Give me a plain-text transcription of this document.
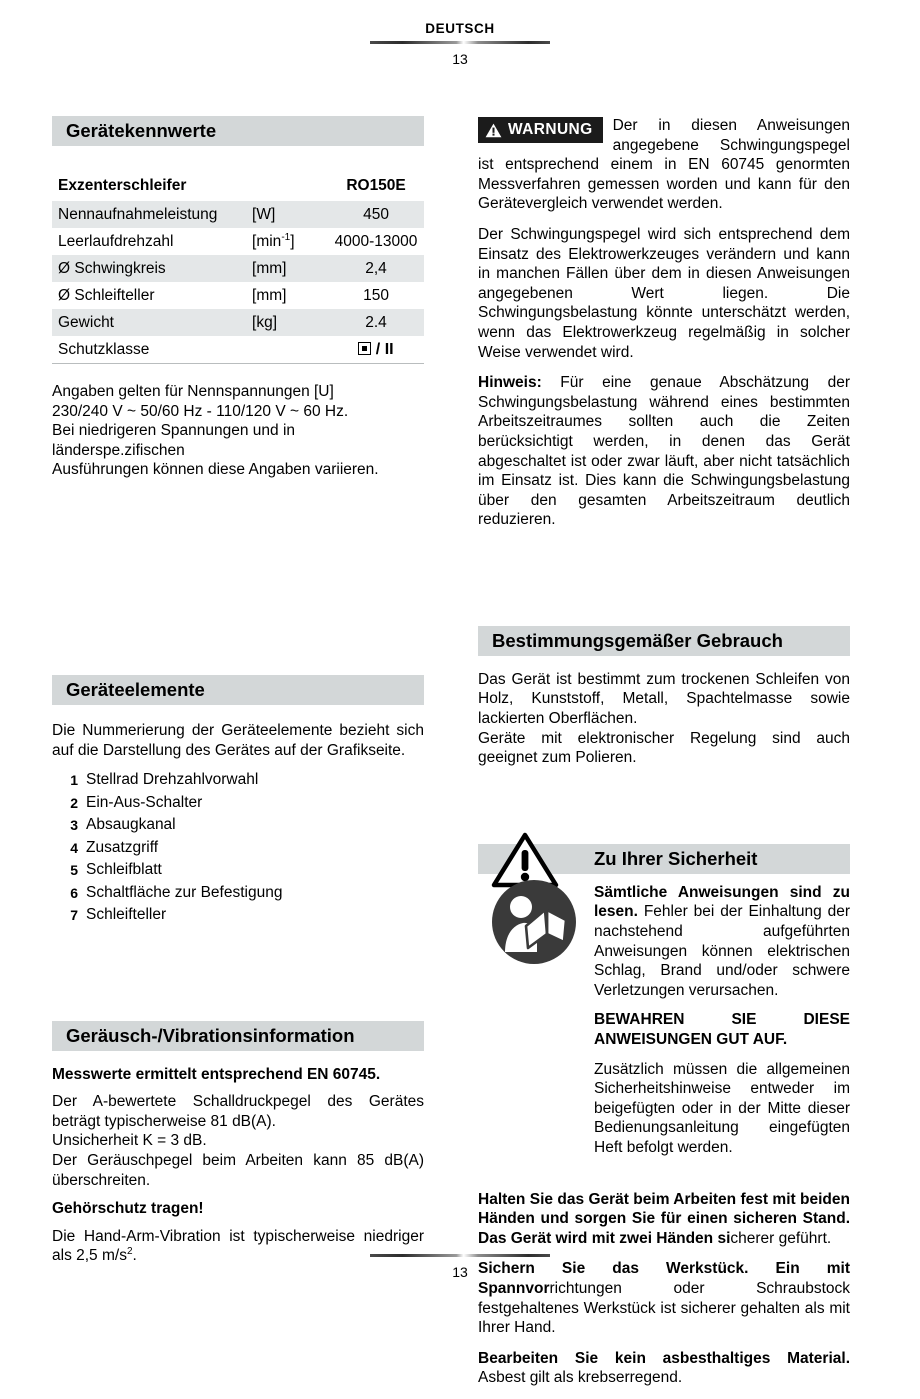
DEUTSCH
13
Gerätekennwerte
Exzenterschleifer		RO150E
Nennaufnahmeleistung	[W]	450
Leerlaufdrehzahl	$[\min^{-1}]$	4000-13000
Ø Schwingkreis	[mm]	2,4
Ø Schleifteller	[mm]	150
Gewicht	[kg]	2.4
Schutzklasse		/ II
Angaben gelten für Nennspannungen [U]
230/240 V ~ 50/60 Hz - 110/120 V ~ 60 Hz.
Bei niedrigeren Spannungen und in länderspe.zifischen
Ausführungen können diese Angaben variieren.
Geräteelemente

Die Nummerierung der Geräteelemente bezieht sich auf die Darstellung des Gerätes auf der Grafikseite.

1 Stellrad Drehzahlvorwahl
2 Ein-Aus-Schalter
3 Absaugkanal
4 Zusatzgriff
5 Schleifblatt
6 Schaltfläche zur Befestigung
7 Schleifteller
Geräusch-/Vibrationsinformation

Messwerte ermittelt entsprechend EN 60745.

Der A-bewertete Schalldruckpegel des Gerätes beträgt typischerweise 81 dB(A).

Unsicherheit K = 3 dB.

Der Geräuschpegel beim Arbeiten kann 85 dB(A) überschreiten.

Gehörschutz tragen!

Die Hand-Arm-Vibration ist typischerweise niedriger als 2,5 $m/s^2$.

WARNUNG	Der in diesen Anweisungen angegebene Schwingungspegel ist entsprechend einem in EN 60745 genormten Messverfahren gemessen worden und kann für den Gerätevergleich verwendet werden.

Der Schwingungspegel wird sich entsprechend dem Einsatz des Elektrowerkzeuges verändern und kann in manchen Fällen über dem in diesen Anweisungen angegebenen Wert liegen. Die Schwingungsbelastung könnte unterschätzt werden, wenn das Elektrowerkzeug regelmäßig in solcher Weise verwendet wird.

Hinweis: Für eine genaue Abschätzung der Schwingungsbelastung während eines bestimmten Arbeitszeitraumes sollten auch die Zeiten berücksichtigt werden, in denen das Gerät abgeschaltet ist oder zwar läuft, aber nicht tatsächlich im Einsatz ist. Dies kann die Schwingungsbelastung über den gesamten Arbeitszeitraum deutlich reduzieren.

Bestimmungsgemäßer Gebrauch

Das Gerät ist bestimmt zum trockenen Schleifen von Holz, Kunststoff, Metall, Spachtelmasse sowie lackierten Oberflächen.

Geräte mit elektronischer Regelung sind auch geeignet zum Polieren.

Zu Ihrer Sicherheit

Sämtliche Anweisungen sind zu lesen. Fehler bei der Einhaltung der nachstehend aufgeführten Anweisungen können elektrischen Schlag, Brand und/oder schwere Verletzungen verursachen.

BEWAHREN SIE DIESE ANWEISUNGEN GUT AUF.

Zusätzlich müssen die allgemeinen Sicherheitshinweise entweder im beigefügten oder in der Mitte dieser Bedienungsanleitung eingefügten Heft befolgt werden.

Halten Sie das Gerät beim Arbeiten fest mit beiden Händen und sorgen Sie für einen sicheren Stand. Das Gerät wird mit zwei Händen sicherer geführt.

Sichern Sie das Werkstück. Ein mit Spannvorrichtungen oder Schraubstock festgehaltenes Werkstück ist sicherer gehalten als mit Ihrer Hand.

Bearbeiten Sie kein asbesthaltiges Material. Asbest gilt als krebserregend.

13
